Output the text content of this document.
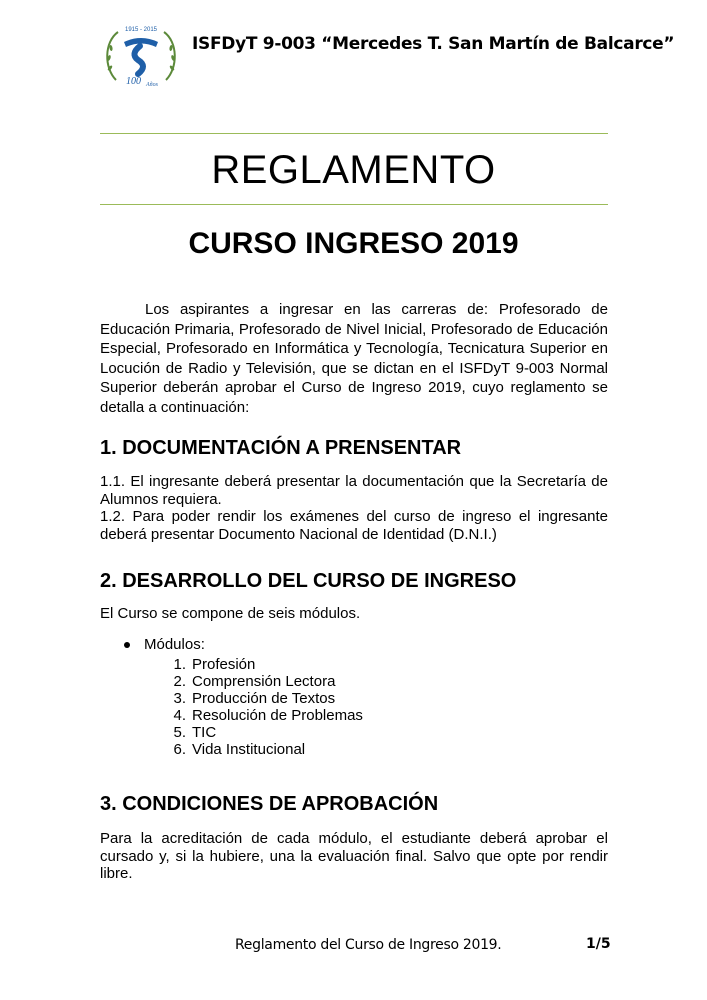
1915 - 2015
100 Años
ISFDyT 9-003 “Mercedes T. San Martín de Balcarce”
REGLAMENTO
CURSO INGRESO 2019

Los aspirantes a ingresar en las carreras de: Profesorado de Educación Primaria, Profesorado de Nivel Inicial, Profesorado de Educación Especial, Profesorado en Informática y Tecnología, Tecnicatura Superior en Locución de Radio y Televisión, que se dictan en el ISFDyT 9-003 Normal Superior deberán aprobar el Curso de Ingreso 2019, cuyo reglamento se detalla a continuación:

1. DOCUMENTACIÓN A PRENSENTAR

1.1. El ingresante deberá presentar la documentación que la Secretaría de Alumnos requiera.

1.2. Para poder rendir los exámenes del curso de ingreso el ingresante deberá presentar Documento Nacional de Identidad (D.N.I.)

2. DESARROLLO DEL CURSO DE INGRESO

El Curso se compone de seis módulos.

Módulos:
1. Profesión
2. Comprensión Lectora
3. Producción de Textos
4. Resolución de Problemas
5. TIC
6. Vida Institucional
3. CONDICIONES DE APROBACIÓN

Para la acreditación de cada módulo, el estudiante deberá aprobar el cursado y, si la hubiere, una la evaluación final. Salvo que opte por rendir libre.

Reglamento del Curso de Ingreso 2019.	1/5
